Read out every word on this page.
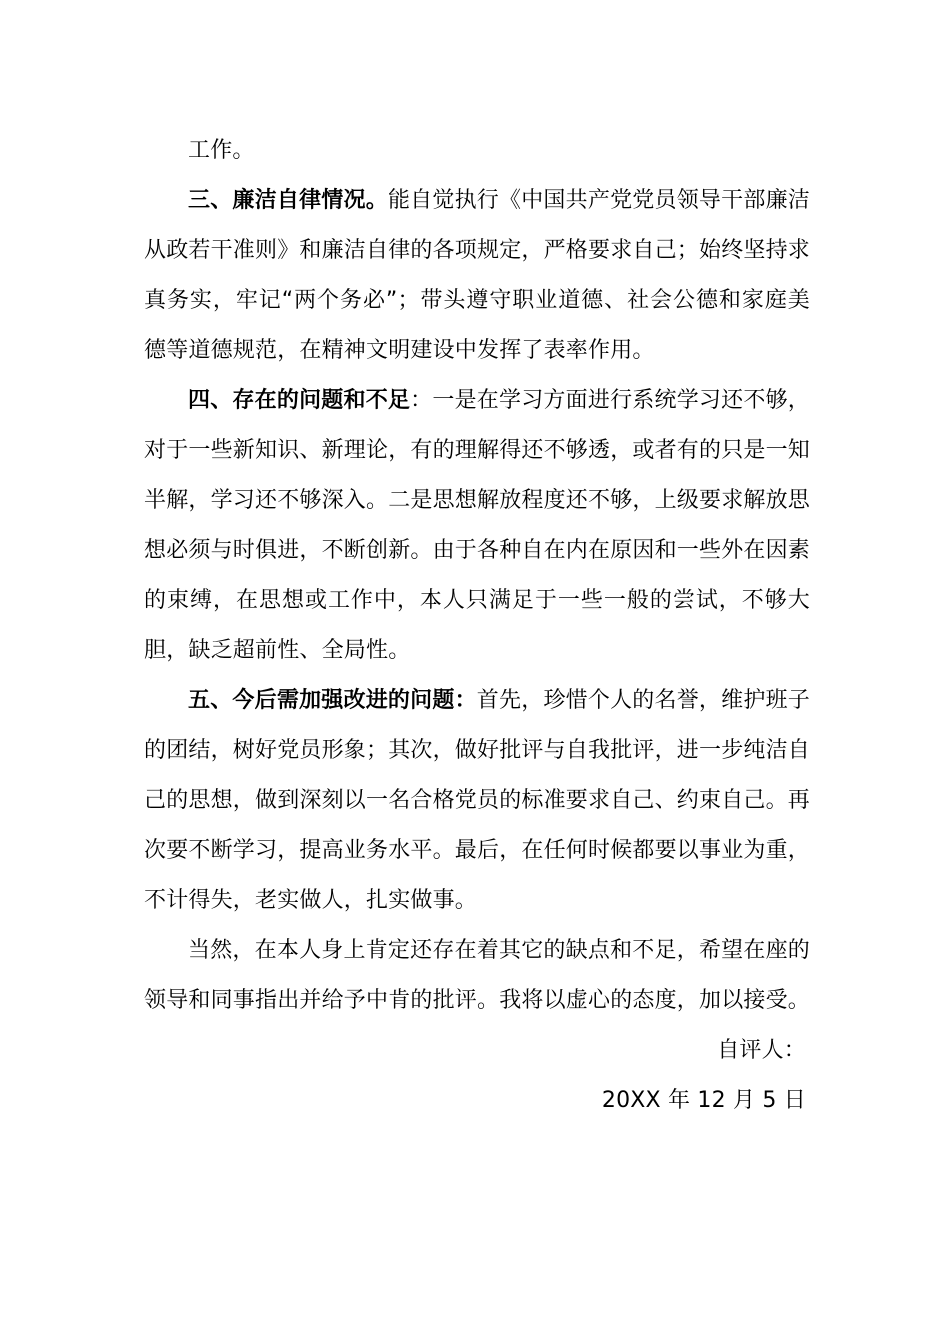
工作。

三、廉洁自律情况。能自觉执行《中国共产党党员领导干部廉洁从政若干准则》和廉洁自律的各项规定，严格要求自己；始终坚持求真务实，牢记“两个务必”；带头遵守职业道德、社会公德和家庭美德等道德规范，在精神文明建设中发挥了表率作用。

四、存在的问题和不足：一是在学习方面进行系统学习还不够，对于一些新知识、新理论，有的理解得还不够透，或者有的只是一知半解，学习还不够深入。二是思想解放程度还不够，上级要求解放思想必须与时俱进，不断创新。由于各种自在内在原因和一些外在因素的束缚，在思想或工作中，本人只满足于一些一般的尝试，不够大胆，缺乏超前性、全局性。

五、今后需加强改进的问题：首先，珍惜个人的名誉，维护班子的团结，树好党员形象；其次，做好批评与自我批评，进一步纯洁自己的思想，做到深刻以一名合格党员的标准要求自己、约束自己。再次要不断学习，提高业务水平。最后，在任何时候都要以事业为重，不计得失，老实做人，扎实做事。

当然，在本人身上肯定还存在着其它的缺点和不足，希望在座的领导和同事指出并给予中肯的批评。我将以虚心的态度，加以接受。

自评人：

20XX 年 12 月 5 日
